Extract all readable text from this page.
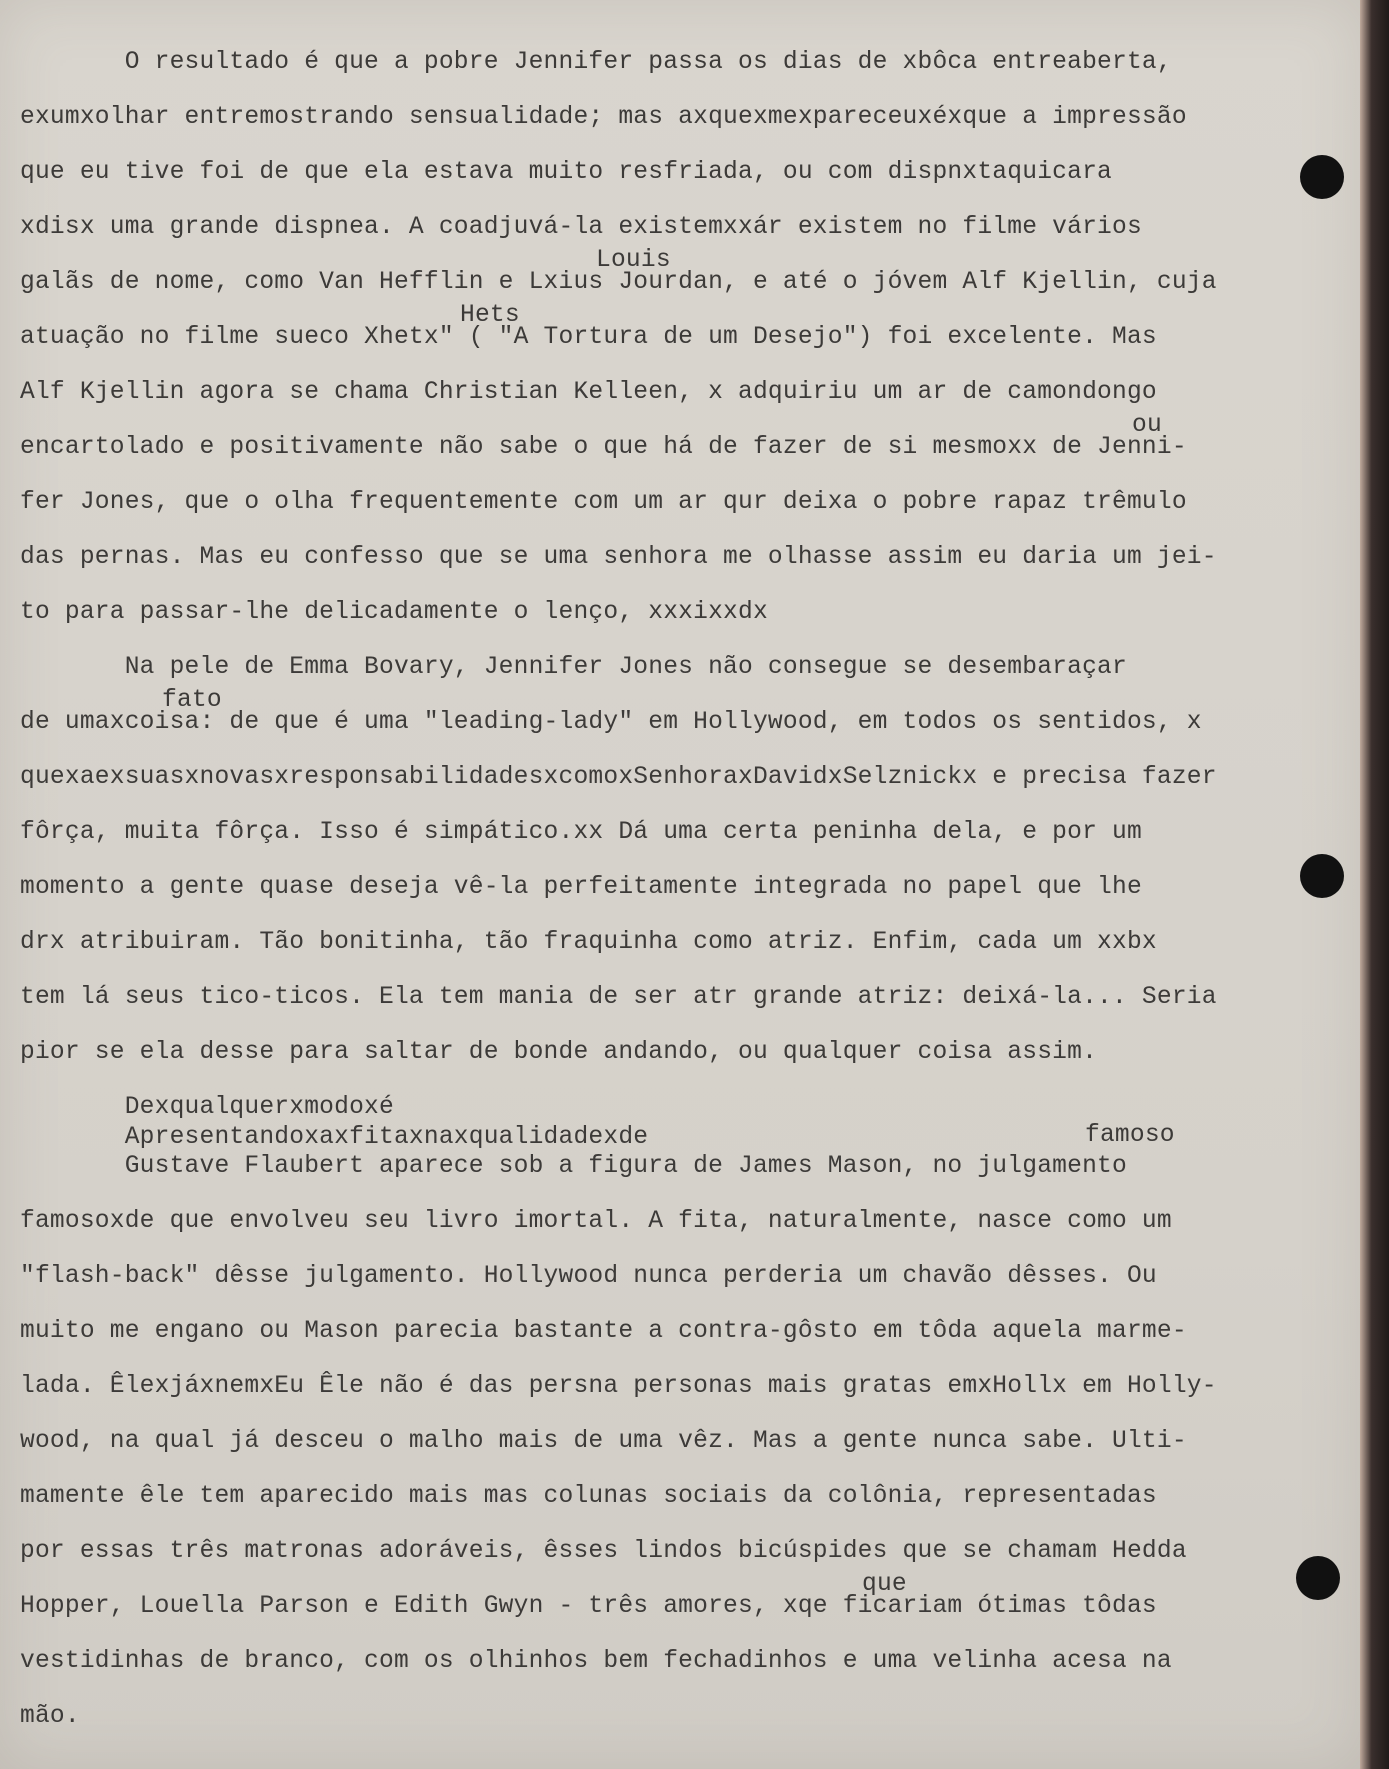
O resultado é que a pobre Jennifer passa os dias de xbôca entreaberta,
exumxolhar entremostrando sensualidade; mas axquexmexpareceuxéxque a impressão
que eu tive foi de que ela estava muito resfriada, ou com dispnxtaquicara
xdisx uma grande dispnea. A coadjuvá-la existemxxár existem no filme vários
Louis
galãs de nome, como Van Hefflin e Lxius Jourdan, e até o jóvem Alf Kjellin, cuja
Hets
atuação no filme sueco Xhetx" ( "A Tortura de um Desejo") foi excelente. Mas
Alf Kjellin agora se chama Christian Kelleen, x adquiriu um ar de camondongo
ou
encartolado e positivamente não sabe o que há de fazer de si mesmoxx de Jenni-
fer Jones, que o olha frequentemente com um ar qur deixa o pobre rapaz trêmulo
das pernas. Mas eu confesso que se uma senhora me olhasse assim eu daria um jei-
to para passar-lhe delicadamente o lenço, xxxixxdx
Na pele de Emma Bovary, Jennifer Jones não consegue se desembaraçar
fato
de umaxcoisa: de que é uma "leading-lady" em Hollywood, em todos os sentidos, x
quexaexsuasxnovasxresponsabilidadesxcomoxSenhoraxDavidxSelznickx e precisa fazer
fôrça, muita fôrça. Isso é simpático.xx Dá uma certa peninha dela, e por um
momento a gente quase deseja vê-la perfeitamente integrada no papel que lhe
drx atribuiram. Tão bonitinha, tão fraquinha como atriz. Enfim, cada um xxbx
tem lá seus tico-ticos. Ela tem mania de ser atr grande atriz: deixá-la... Seria
pior se ela desse para saltar de bonde andando, ou qualquer coisa assim.
Dexqualquerxmodoxé
Apresentandoxaxfitaxnaxqualidadexde	famoso
Gustave Flaubert aparece sob a figura de James Mason, no julgamento
famosoxde que envolveu seu livro imortal. A fita, naturalmente, nasce como um
"flash-back" dêsse julgamento. Hollywood nunca perderia um chavão dêsses. Ou
muito me engano ou Mason parecia bastante a contra-gôsto em tôda aquela marme-
lada. ÊlexjáxnemxEu Êle não é das persna personas mais gratas emxHollx em Holly-
wood, na qual já desceu o malho mais de uma vêz. Mas a gente nunca sabe. Ulti-
mamente êle tem aparecido mais mas colunas sociais da colônia, representadas
por essas três matronas adoráveis, êsses lindos bicúspides que se chamam Hedda
que
Hopper, Louella Parson e Edith Gwyn - três amores, xqe ficariam ótimas tôdas
vestidinhas de branco, com os olhinhos bem fechadinhos e uma velinha acesa na
mão.
